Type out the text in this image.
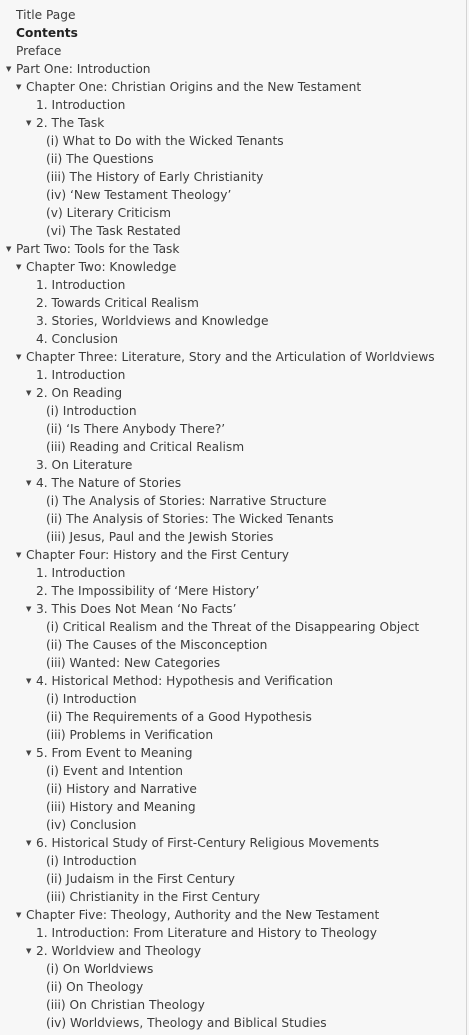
Title Page
Contents
Preface
▼ Part One: Introduction
▼ Chapter One: Christian Origins and the New Testament
1. Introduction
▼ 2. The Task
(i) What to Do with the Wicked Tenants
(ii) The Questions
(iii) The History of Early Christianity
(iv) ‘New Testament Theology’
(v) Literary Criticism
(vi) The Task Restated
▼ Part Two: Tools for the Task
▼ Chapter Two: Knowledge
1. Introduction
2. Towards Critical Realism
3. Stories, Worldviews and Knowledge
4. Conclusion
▼ Chapter Three: Literature, Story and the Articulation of Worldviews
1. Introduction
▼ 2. On Reading
(i) Introduction
(ii) ‘Is There Anybody There?’
(iii) Reading and Critical Realism
3. On Literature
▼ 4. The Nature of Stories
(i) The Analysis of Stories: Narrative Structure
(ii) The Analysis of Stories: The Wicked Tenants
(iii) Jesus, Paul and the Jewish Stories
▼ Chapter Four: History and the First Century
1. Introduction
2. The Impossibility of ‘Mere History’
▼ 3. This Does Not Mean ‘No Facts’
(i) Critical Realism and the Threat of the Disappearing Object
(ii) The Causes of the Misconception
(iii) Wanted: New Categories
▼ 4. Historical Method: Hypothesis and Verification
(i) Introduction
(ii) The Requirements of a Good Hypothesis
(iii) Problems in Verification
▼ 5. From Event to Meaning
(i) Event and Intention
(ii) History and Narrative
(iii) History and Meaning
(iv) Conclusion
▼ 6. Historical Study of First-Century Religious Movements
(i) Introduction
(ii) Judaism in the First Century
(iii) Christianity in the First Century
▼ Chapter Five: Theology, Authority and the New Testament
1. Introduction: From Literature and History to Theology
▼ 2. Worldview and Theology
(i) On Worldviews
(ii) On Theology
(iii) On Christian Theology
(iv) Worldviews, Theology and Biblical Studies
